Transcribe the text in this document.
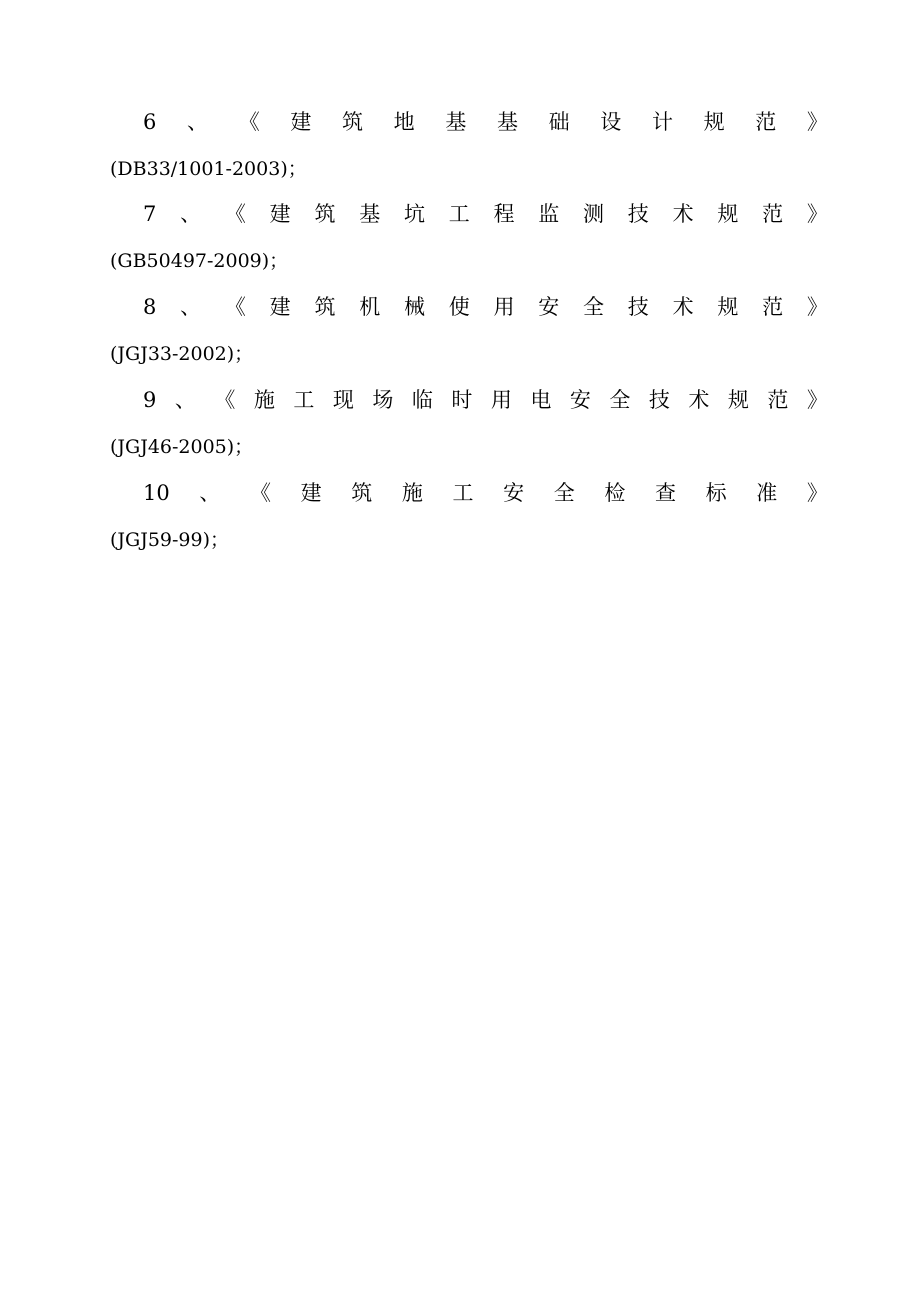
6 、 《 建 筑 地 基 基 础 设 计 规 范 》
(DB33/1001-2003)；
7 、 《 建 筑 基 坑 工 程 监 测 技 术 规 范 》
(GB50497-2009)；
8 、 《 建 筑 机 械 使 用 安 全 技 术 规 范 》
(JGJ33-2002)；
9 、 《 施 工 现 场 临 时 用 电 安 全 技 术 规 范 》
(JGJ46-2005)；
10 、 《 建 筑 施 工 安 全 检 查 标 准 》
(JGJ59-99)；
